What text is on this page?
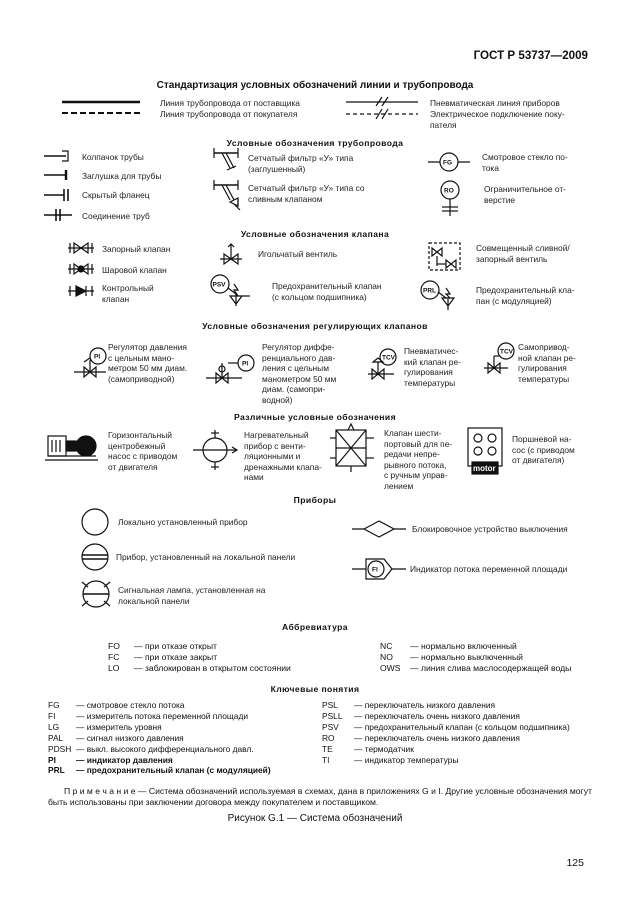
ГОСТ Р 53737—2009
Стандартизация условных обозначений линии и трубопровода
Линия трубопровода от поставщика
Линия трубопровода от покупателя
Пневматическая линия приборов
Электрическое подключение поку-
пателя
Условные обозначения трубопровода
Колпачок трубы
Заглушка для трубы
Скрытый фланец
Соединение труб
Сетчатый фильтр «У» типа
(заглушенный)
Сетчатый фильтр «У» типа со
сливным клапаном
FG
Смотровое стекло по-
тока
RO	Ограничительное от-
верстие
Условные обозначения клапана
Запорный клапан
Шаровой клапан
Контрольный
клапан
Игольчатый вентиль
PSV	Предохранительный клапан
(с кольцом подшипника)
Совмещенный сливной/
запорный вентиль
PRL	Предохранительный кла-
пан (с модуляцией)
Условные обозначения регулирующих клапанов
PI
Регулятор давления
с цельным мано-
метром 50 мм диам.
(самоприводной)
PI
Регулятор диффе-
ренциального дав-
ления с цельным
манометром 50 мм
диам. (самопри-
водной)
TCV
Пневматичес-
кий клапан ре-
гулирования
температуры
TCV Самопривод-
ной клапан ре-
гулирования
температуры
Различные условные обозначения
Горизонтальный
центробежный
насос с приводом
от двигателя
Нагревательный
прибор с венти-
ляционными и
дренажными клапа-
нами
Клапан шести-
портовый для пе-
редачи непре-
рывного потока,
с ручным управ-
лением
motor
Поршневой на-
сос (с приводом
от двигателя)
Приборы
Локально установленный прибор
Прибор, установленный на локальной панели
Сигнальная лампа, установленная на
локальной панели
Блокировочное устройство выключения
FI	Индикатор потока переменной площади
Аббревиатура
FO — при отказе открыт
FC — при отказе закрыт
LO — заблокирован в открытом состоянии
NC — нормально включенный
NO — нормально выключенный
OWS — линия слива маслосодержащей воды
Ключевые понятия
FG — смотровое стекло потока
FI — измеритель потока переменной площади
LG — измеритель уровня
PAL — сигнал низкого давления
PDSH — выкл. высокого дифференциального давл.
PI — индикатор давления
PRL — предохранительный клапан (с модуляцией)
PSL — переключатель низкого давления
PSLL — переключатель очень низкого давления
PSV — предохранительный клапан (с кольцом подшипника)
RO — переключатель очень низкого давления
TE	— термодатчик
TI	— индикатор температуры
П р и м е ч а н и е — Система обозначений используемая в схемах, дана в приложениях G и I. Другие условные обозначения могут быть использованы при заключении договора между покупателем и поставщиком.
Рисунок G.1 — Система обозначений
125
